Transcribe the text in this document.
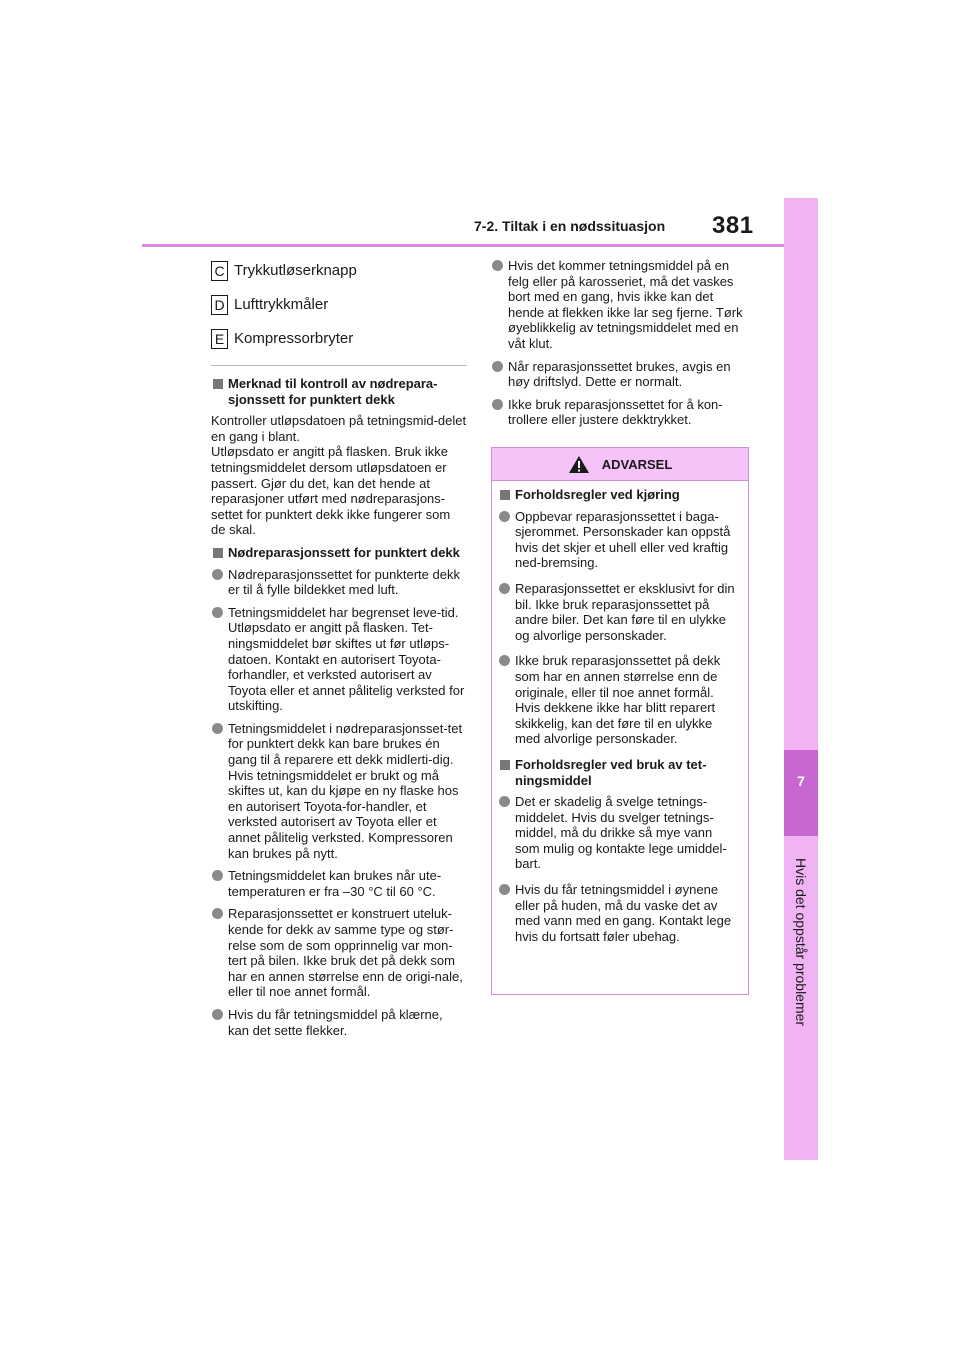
7-2. Tiltak i en nødssituasjon 381
7
Hvis det oppstår problemer
C Trykkutløserknapp
D Lufttrykkmåler
E Kompressorbryter
Merknad til kontroll av nødrepara-sjonssett for punktert dekk

Kontroller utløpsdatoen på tetningsmid-delet en gang i blant.

Utløpsdato er angitt på flasken. Bruk ikke tetningsmiddelet dersom utløpsdatoen er passert. Gjør du det, kan det hende at reparasjoner utført med nødreparasjons-settet for punktert dekk ikke fungerer som de skal.

Nødreparasjonssett for punktert dekk
Nødreparasjonssettet for punkterte dekk er til å fylle bildekket med luft.
Tetningsmiddelet har begrenset leve-tid. Utløpsdato er angitt på flasken. Tet-ningsmiddelet bør skiftes ut før utløps-datoen. Kontakt en autorisert Toyota-forhandler, et verksted autorisert av Toyota eller et annet pålitelig verksted for utskifting.
Tetningsmiddelet i nødreparasjonsset-tet for punktert dekk kan bare brukes én gang til å reparere ett dekk midlerti-dig. Hvis tetningsmiddelet er brukt og må skiftes ut, kan du kjøpe en ny flaske hos en autorisert Toyota-for-handler, et verksted autorisert av Toyota eller et annet pålitelig verksted. Kompressoren kan brukes på nytt.
Tetningsmiddelet kan brukes når ute-temperaturen er fra –30 °C til 60 °C.
Reparasjonssettet er konstruert uteluk-kende for dekk av samme type og stør-relse som de som opprinnelig var mon-tert på bilen. Ikke bruk det på dekk som har en annen størrelse enn de origi-nale, eller til noe annet formål.
Hvis du får tetningsmiddel på klærne, kan det sette flekker.
Hvis det kommer tetningsmiddel på en felg eller på karosseriet, må det vaskes bort med en gang, hvis ikke kan det hende at flekken ikke lar seg fjerne. Tørk øyeblikkelig av tetningsmiddelet med en våt klut.
Når reparasjonssettet brukes, avgis en høy driftslyd. Dette er normalt.
Ikke bruk reparasjonssettet for å kon-trollere eller justere dekktrykket.
ADVARSEL
Forholdsregler ved kjøring
Oppbevar reparasjonssettet i baga-sjerommet. Personskader kan oppstå hvis det skjer et uhell eller ved kraftig ned-bremsing.
Reparasjonssettet er eksklusivt for din bil. Ikke bruk reparasjonssettet på andre biler. Det kan føre til en ulykke og alvorlige personskader.
Ikke bruk reparasjonssettet på dekk som har en annen størrelse enn de originale, eller til noe annet formål. Hvis dekkene ikke har blitt reparert skikkelig, kan det føre til en ulykke med alvorlige personskader.
Forholdsregler ved bruk av tet-ningsmiddel
Det er skadelig å svelge tetnings-middelet. Hvis du svelger tetnings-middel, må du drikke så mye vann som mulig og kontakte lege umiddel-bart.
Hvis du får tetningsmiddel i øynene eller på huden, må du vaske det av med vann med en gang. Kontakt lege hvis du fortsatt føler ubehag.
